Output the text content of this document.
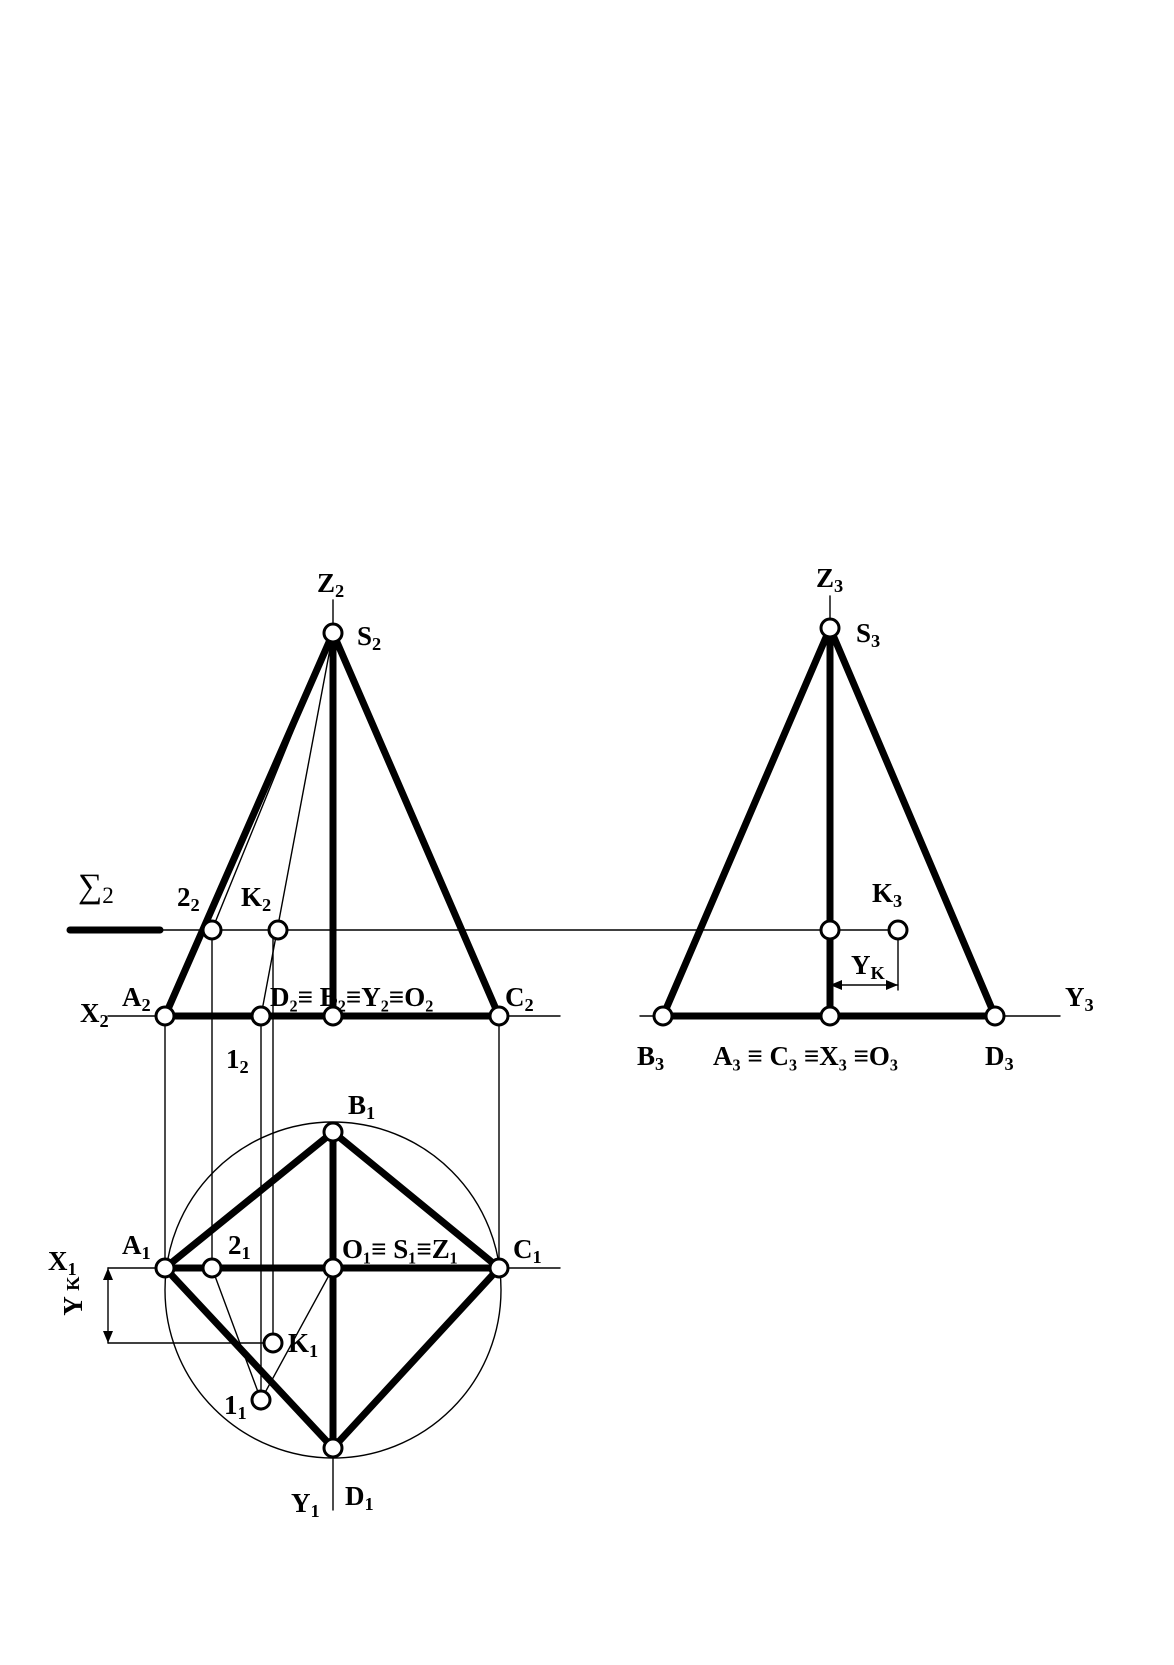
$\sum_2$
$Z_2$
$S_2$
$2_2$ $K_2$
$A_2$
$X_2$
D₂≡ B₂≡Y₂≡O₂	$C_2$
$1_2$
$Z_3$
$S_3$
$K_3$
$Y_K$
$Y_3$
$B_3$ A₃ ≡ C₃ ≡X₃ ≡O₃	$D_3$
$B_1$
$A_1$
$X_1$
$Y_K$
$2_1$	O₁≡ S₁≡Z₁ $C_1$
$K_1$
$1_1$
$Y_1$
$D_1$
